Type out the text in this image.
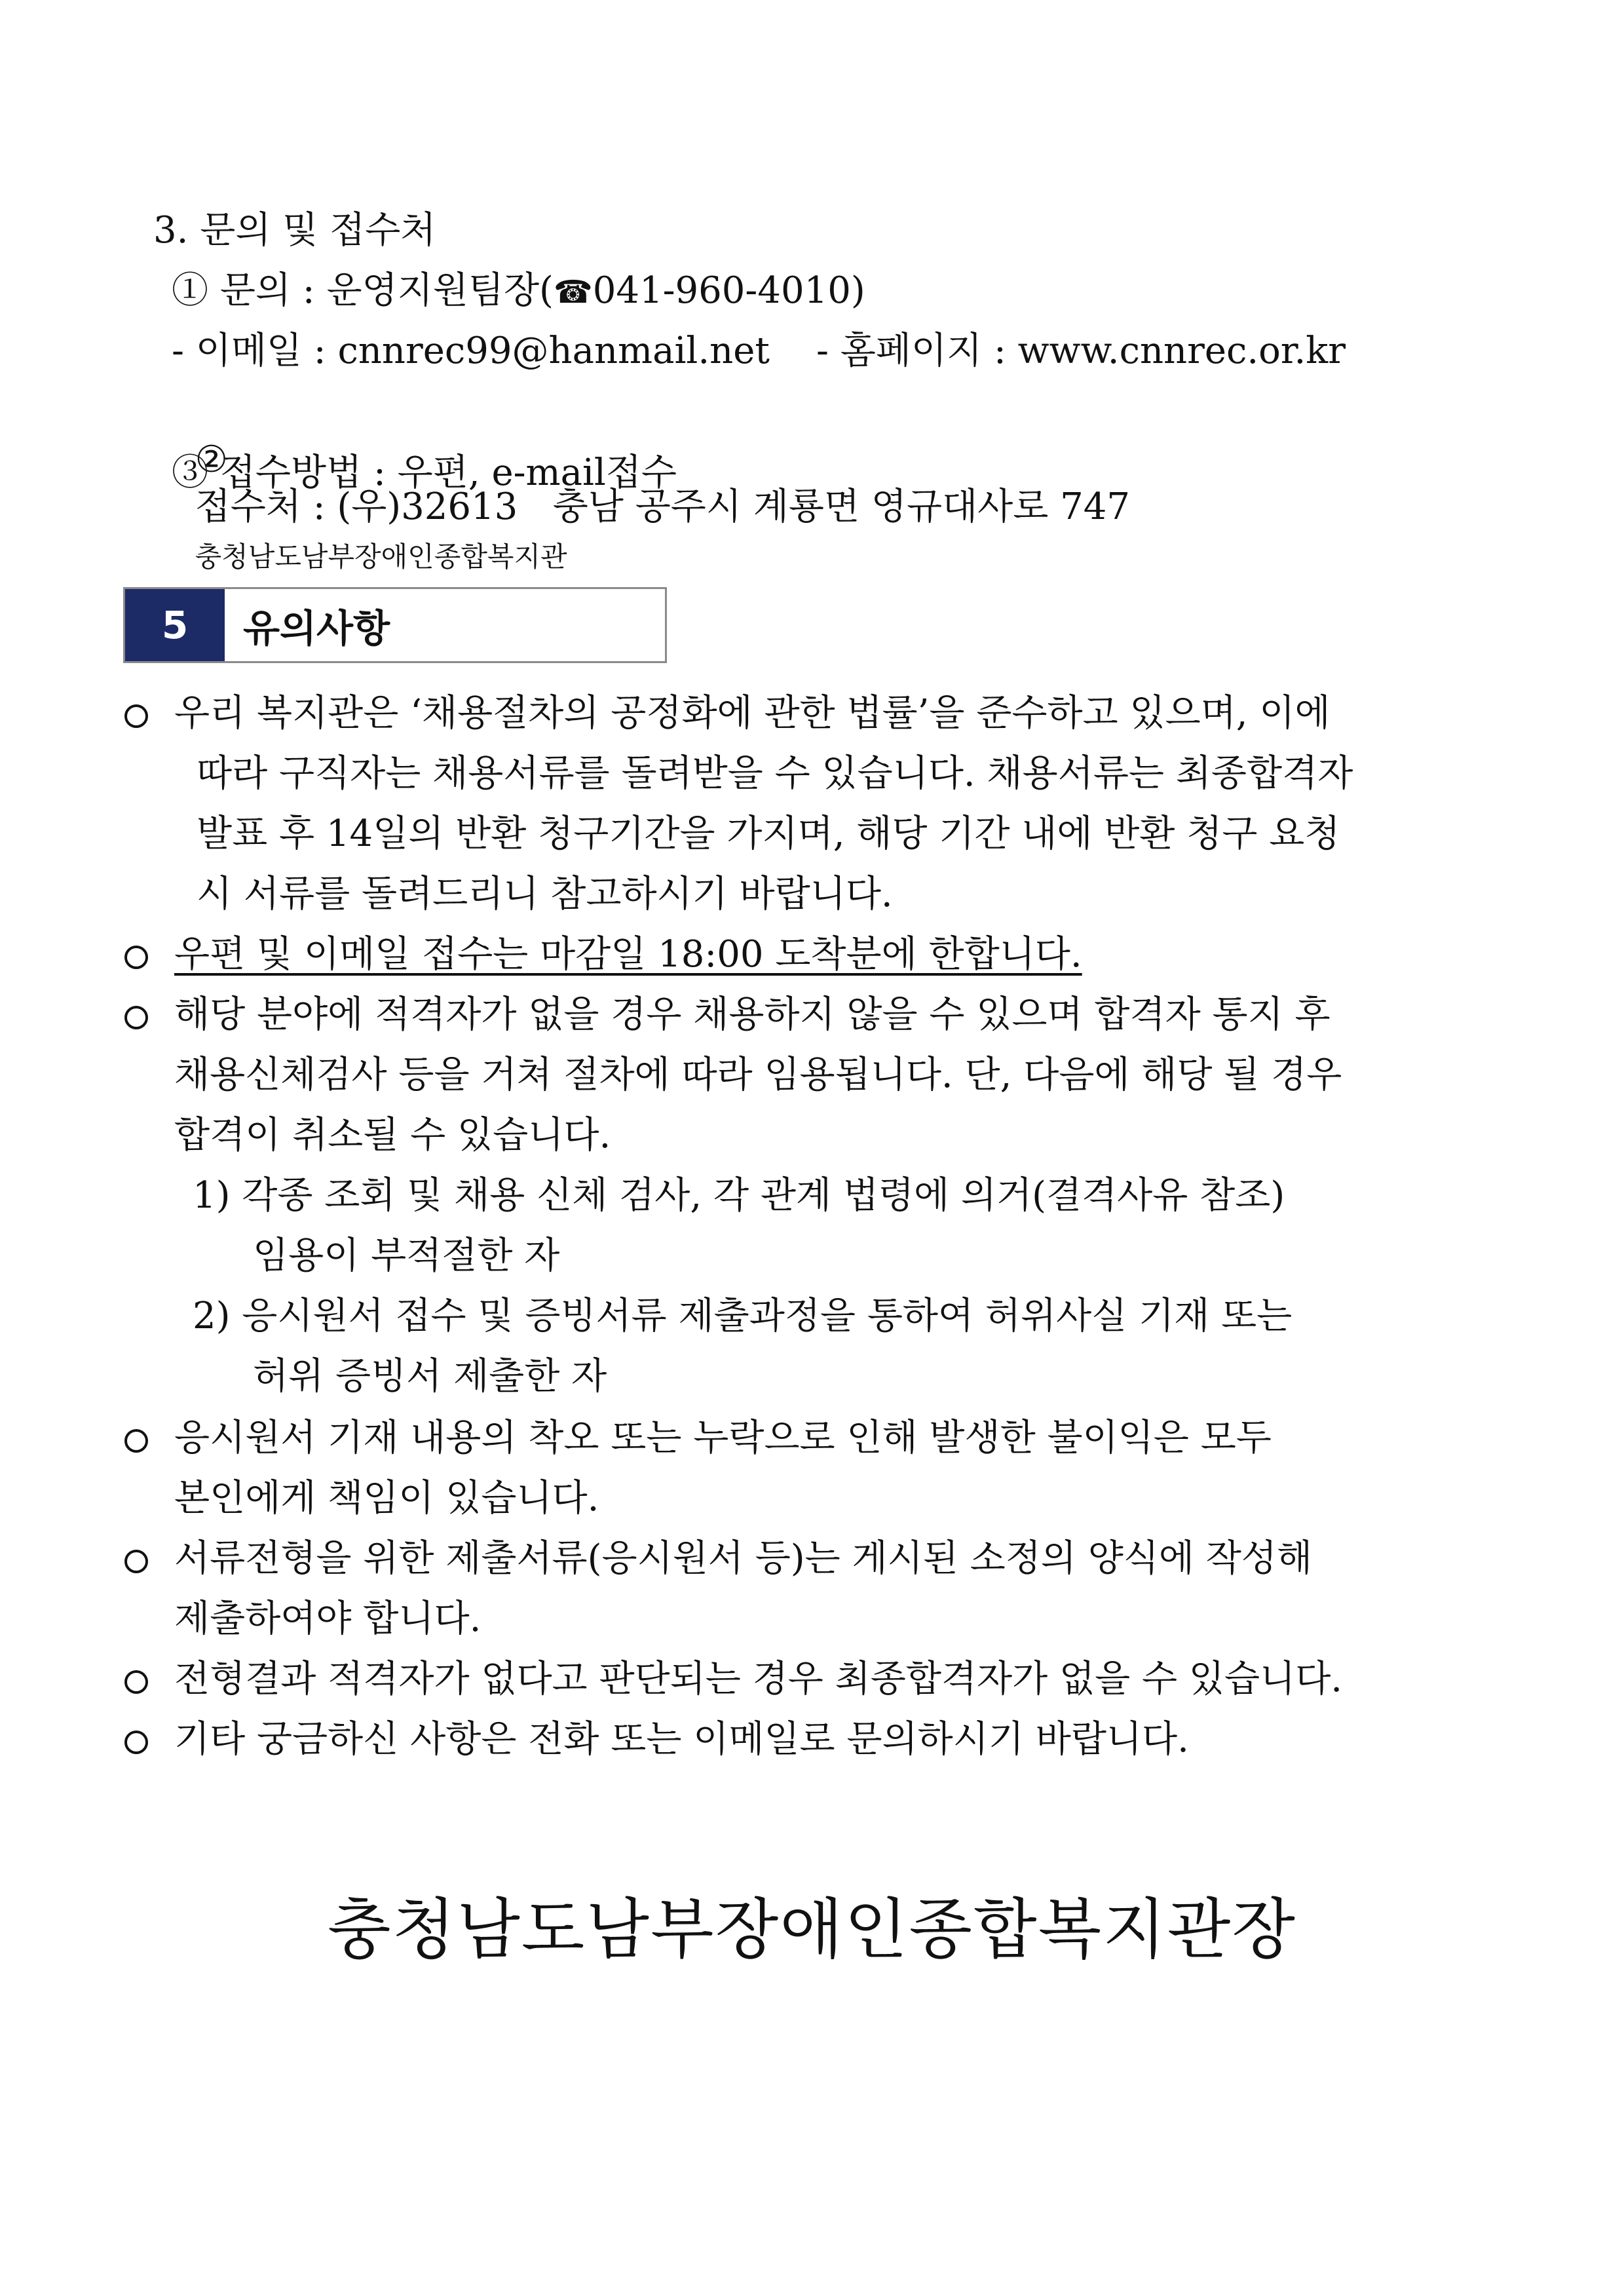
3. 문의 및 접수처
① 문의 : 운영지원팀장(☎041-960-4010)
- 이메일 : cnnrec99@hanmail.net    - 홈페이지 : www.cnnrec.or.kr

②
접수처 : (우)32613   충남 공주시 계룡면 영규대사로 747
충청남도남부장애인종합복지관

③ 접수방법 : 우편, e-mail접수
5	유의사항
우리 복지관은 ‘채용절차의 공정화에 관한 법률’을 준수하고 있으며, 이에
따라 구직자는 채용서류를 돌려받을 수 있습니다. 채용서류는 최종합격자
발표 후 14일의 반환 청구기간을 가지며, 해당 기간 내에 반환 청구 요청
시 서류를 돌려드리니 참고하시기 바랍니다.
우편 및 이메일 접수는 마감일 18:00 도착분에 한합니다.
해당 분야에 적격자가 없을 경우 채용하지 않을 수 있으며 합격자 통지 후
채용신체검사 등을 거쳐 절차에 따라 임용됩니다. 단, 다음에 해당 될 경우
합격이 취소될 수 있습니다.
1) 각종 조회 및 채용 신체 검사, 각 관계 법령에 의거(결격사유 참조)
임용이 부적절한 자
2) 응시원서 접수 및 증빙서류 제출과정을 통하여 허위사실 기재 또는
허위 증빙서 제출한 자
응시원서 기재 내용의 착오 또는 누락으로 인해 발생한 불이익은 모두
본인에게 책임이 있습니다.
서류전형을 위한 제출서류(응시원서 등)는 게시된 소정의 양식에 작성해
제출하여야 합니다.
전형결과 적격자가 없다고 판단되는 경우 최종합격자가 없을 수 있습니다.
기타 궁금하신 사항은 전화 또는 이메일로 문의하시기 바랍니다.
충청남도남부장애인종합복지관장
